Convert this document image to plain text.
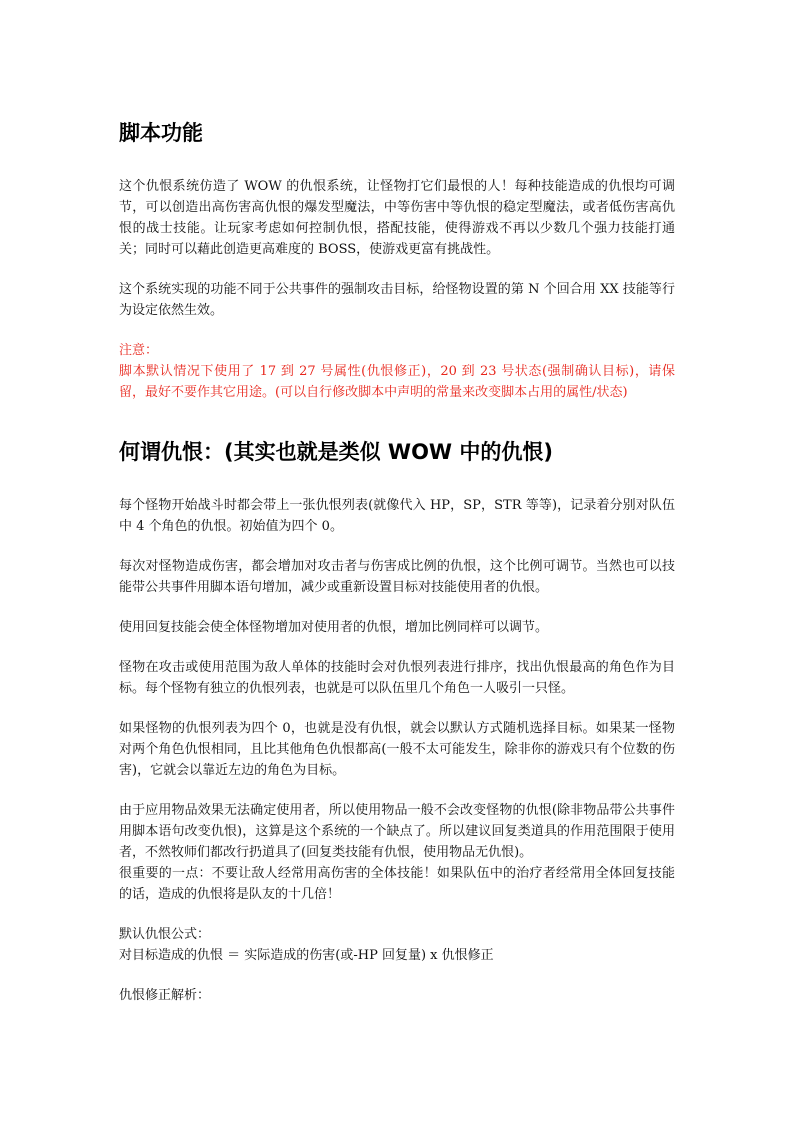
脚本功能

这个仇恨系统仿造了 WOW 的仇恨系统，让怪物打它们最恨的人！每种技能造成的仇恨均可调节，可以创造出高伤害高仇恨的爆发型魔法，中等伤害中等仇恨的稳定型魔法，或者低伤害高仇恨的战士技能。让玩家考虑如何控制仇恨，搭配技能，使得游戏不再以少数几个强力技能打通关；同时可以藉此创造更高难度的 BOSS，使游戏更富有挑战性。

这个系统实现的功能不同于公共事件的强制攻击目标，给怪物设置的第 N 个回合用 XX 技能等行为设定依然生效。

注意：

脚本默认情况下使用了 17 到 27 号属性(仇恨修正)，20 到 23 号状态(强制确认目标)，请保留，最好不要作其它用途。(可以自行修改脚本中声明的常量来改变脚本占用的属性/状态)

何谓仇恨：(其实也就是类似 WOW 中的仇恨)

每个怪物开始战斗时都会带上一张仇恨列表(就像代入 HP，SP，STR 等等)，记录着分别对队伍中 4 个角色的仇恨。初始值为四个 0。

每次对怪物造成伤害，都会增加对攻击者与伤害成比例的仇恨，这个比例可调节。当然也可以技能带公共事件用脚本语句增加，减少或重新设置目标对技能使用者的仇恨。

使用回复技能会使全体怪物增加对使用者的仇恨，增加比例同样可以调节。

怪物在攻击或使用范围为敌人单体的技能时会对仇恨列表进行排序，找出仇恨最高的角色作为目标。每个怪物有独立的仇恨列表，也就是可以队伍里几个角色一人吸引一只怪。

如果怪物的仇恨列表为四个 0，也就是没有仇恨，就会以默认方式随机选择目标。如果某一怪物对两个角色仇恨相同，且比其他角色仇恨都高(一般不太可能发生，除非你的游戏只有个位数的伤害)，它就会以靠近左边的角色为目标。

由于应用物品效果无法确定使用者，所以使用物品一般不会改变怪物的仇恨(除非物品带公共事件用脚本语句改变仇恨)，这算是这个系统的一个缺点了。所以建议回复类道具的作用范围限于使用者，不然牧师们都改行扔道具了(回复类技能有仇恨，使用物品无仇恨)。

很重要的一点：不要让敌人经常用高伤害的全体技能！如果队伍中的治疗者经常用全体回复技能的话，造成的仇恨将是队友的十几倍！

默认仇恨公式：

对目标造成的仇恨 ＝ 实际造成的伤害(或-HP 回复量) x 仇恨修正

仇恨修正解析：
